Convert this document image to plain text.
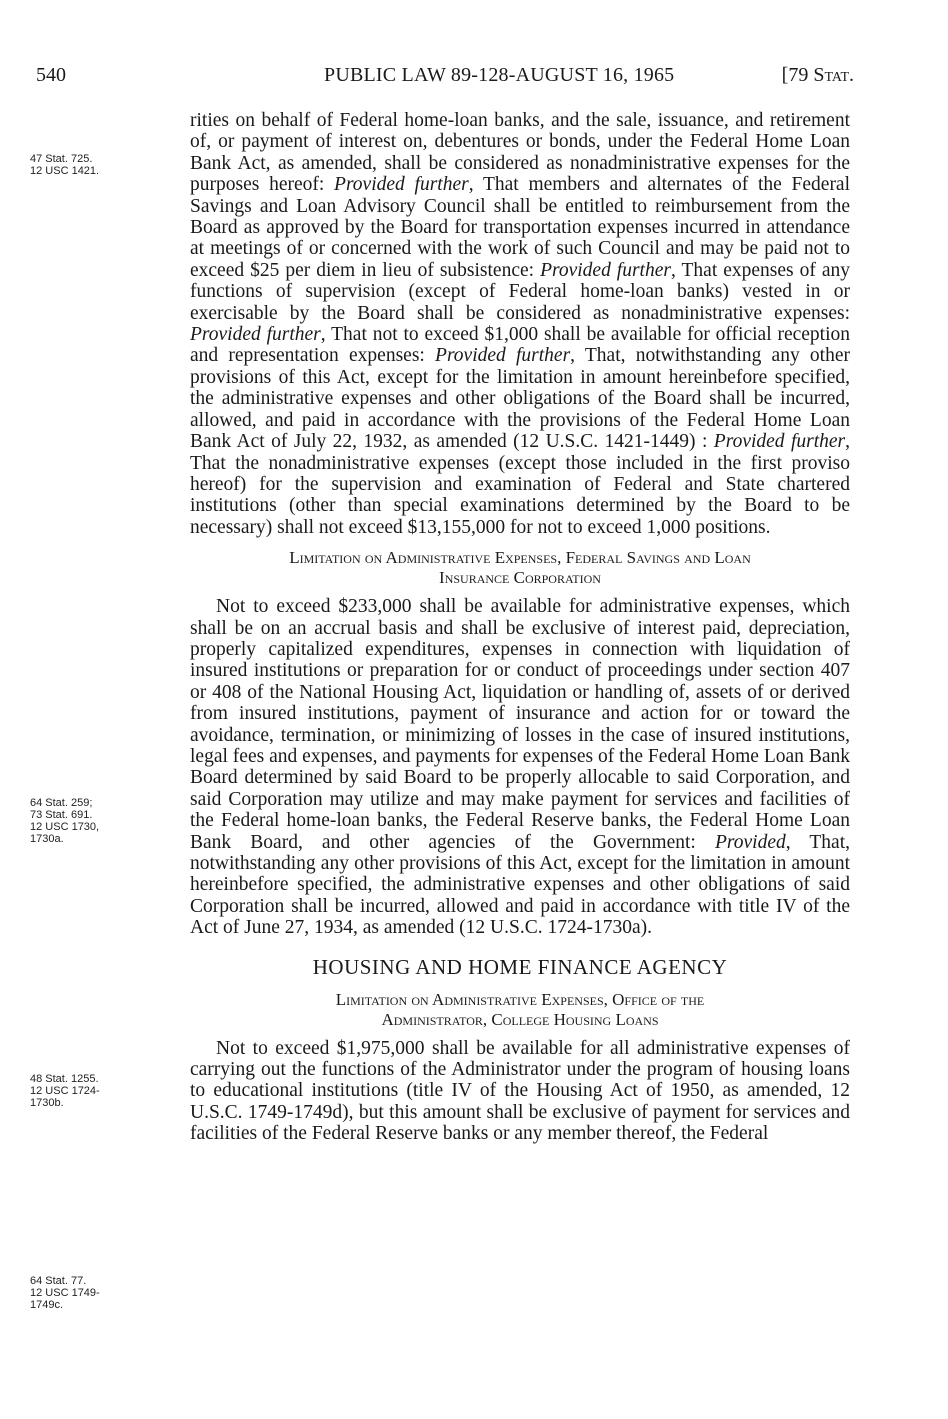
540	PUBLIC LAW 89-128-AUGUST 16, 1965	[79 Stat.
47 Stat. 725.
12 USC 1421.
64 Stat. 259;
73 Stat. 691.
12 USC 1730,
1730a.
48 Stat. 1255.
12 USC 1724-
1730b.
64 Stat. 77.
12 USC 1749-
1749c.

rities on behalf of Federal home-loan banks, and the sale, issuance, and retirement of, or payment of interest on, debentures or bonds, under the Federal Home Loan Bank Act, as amended, shall be considered as nonadministrative expenses for the purposes hereof: Provided further, That members and alternates of the Federal Savings and Loan Advisory Council shall be entitled to reimbursement from the Board as approved by the Board for transportation expenses incurred in attendance at meetings of or concerned with the work of such Council and may be paid not to exceed $25 per diem in lieu of subsistence: Provided further, That expenses of any functions of supervision (except of Federal home-loan banks) vested in or exercisable by the Board shall be considered as nonadministrative expenses: Provided further, That not to exceed $1,000 shall be available for official reception and representation expenses: Provided further, That, notwithstanding any other provisions of this Act, except for the limitation in amount hereinbefore specified, the administrative expenses and other obligations of the Board shall be incurred, allowed, and paid in accordance with the provisions of the Federal Home Loan Bank Act of July 22, 1932, as amended (12 U.S.C. 1421-1449) : Provided further, That the nonadministrative expenses (except those included in the first proviso hereof) for the supervision and examination of Federal and State chartered institutions (other than special examinations determined by the Board to be necessary) shall not exceed $13,155,000 for not to exceed 1,000 positions.

Limitation on Administrative Expenses, Federal Savings and Loan
Insurance Corporation

Not to exceed $233,000 shall be available for administrative expenses, which shall be on an accrual basis and shall be exclusive of interest paid, depreciation, properly capitalized expenditures, expenses in connection with liquidation of insured institutions or preparation for or conduct of proceedings under section 407 or 408 of the National Housing Act, liquidation or handling of, assets of or derived from insured institutions, payment of insurance and action for or toward the avoidance, termination, or minimizing of losses in the case of insured institutions, legal fees and expenses, and payments for expenses of the Federal Home Loan Bank Board determined by said Board to be properly allocable to said Corporation, and said Corporation may utilize and may make payment for services and facilities of the Federal home-loan banks, the Federal Reserve banks, the Federal Home Loan Bank Board, and other agencies of the Government: Provided, That, notwithstanding any other provisions of this Act, except for the limitation in amount hereinbefore specified, the administrative expenses and other obligations of said Corporation shall be incurred, allowed and paid in accordance with title IV of the Act of June 27, 1934, as amended (12 U.S.C. 1724-1730a).

HOUSING AND HOME FINANCE AGENCY
Limitation on Administrative Expenses, Office of the
Administrator, College Housing Loans

Not to exceed $1,975,000 shall be available for all administrative expenses of carrying out the functions of the Administrator under the program of housing loans to educational institutions (title IV of the Housing Act of 1950, as amended, 12 U.S.C. 1749-1749d), but this amount shall be exclusive of payment for services and facilities of the Federal Reserve banks or any member thereof, the Federal
